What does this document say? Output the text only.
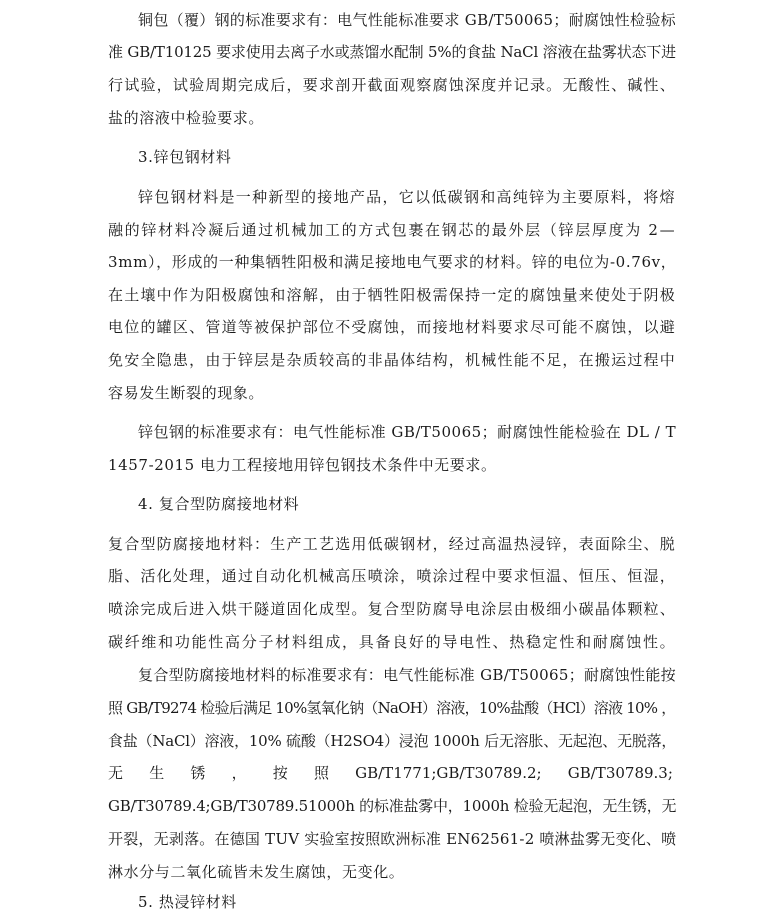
铜包（覆）钢的标准要求有：电气性能标准要求 GB/T50065；耐腐蚀性检验标
准 GB/T10125 要求使用去离子水或蒸馏水配制 5%的食盐 NaCl 溶液在盐雾状态下进
行试验，试验周期完成后，要求剖开截面观察腐蚀深度并记录。无酸性、碱性、
盐的溶液中检验要求。
3.锌包钢材料
锌包钢材料是一种新型的接地产品，它以低碳钢和高纯锌为主要原料，将熔
融的锌材料冷凝后通过机械加工的方式包裹在钢芯的最外层（锌层厚度为 2—
3mm），形成的一种集牺牲阳极和满足接地电气要求的材料。锌的电位为-0.76v，
在土壤中作为阳极腐蚀和溶解，由于牺牲阳极需保持一定的腐蚀量来使处于阴极
电位的罐区、管道等被保护部位不受腐蚀，而接地材料要求尽可能不腐蚀，以避
免安全隐患，由于锌层是杂质较高的非晶体结构，机械性能不足，在搬运过程中
容易发生断裂的现象。
锌包钢的标准要求有：电气性能标准 GB/T50065；耐腐蚀性能检验在 DL / T
1457-2015 电力工程接地用锌包钢技术条件中无要求。
4. 复合型防腐接地材料
复合型防腐接地材料：生产工艺选用低碳钢材，经过高温热浸锌，表面除尘、脱
脂、活化处理，通过自动化机械高压喷涂，喷涂过程中要求恒温、恒压、恒湿，
喷涂完成后进入烘干隧道固化成型。复合型防腐导电涂层由极细小碳晶体颗粒、
碳纤维和功能性高分子材料组成，具备良好的导电性、热稳定性和耐腐蚀性。
复合型防腐接地材料的标准要求有：电气性能标准 GB/T50065；耐腐蚀性能按
照 GB/T9274 检验后满足 10%氢氧化钠（NaOH）溶液，10%盐酸（HCl）溶液 10% ，
食盐（NaCl）溶液，10% 硫酸（H2SO4）浸泡 1000h 后无溶胀、无起泡、无脱落，
无 生 锈 ， 按 照 GB/T1771;GB/T30789.2; GB/T30789.3;
GB/T30789.4;GB/T30789.51000h 的标准盐雾中，1000h 检验无起泡，无生锈，无
开裂，无剥落。在德国 TUV 实验室按照欧洲标准 EN62561-2 喷淋盐雾无变化、喷
淋水分与二氧化硫皆未发生腐蚀，无变化。
5. 热浸锌材料
